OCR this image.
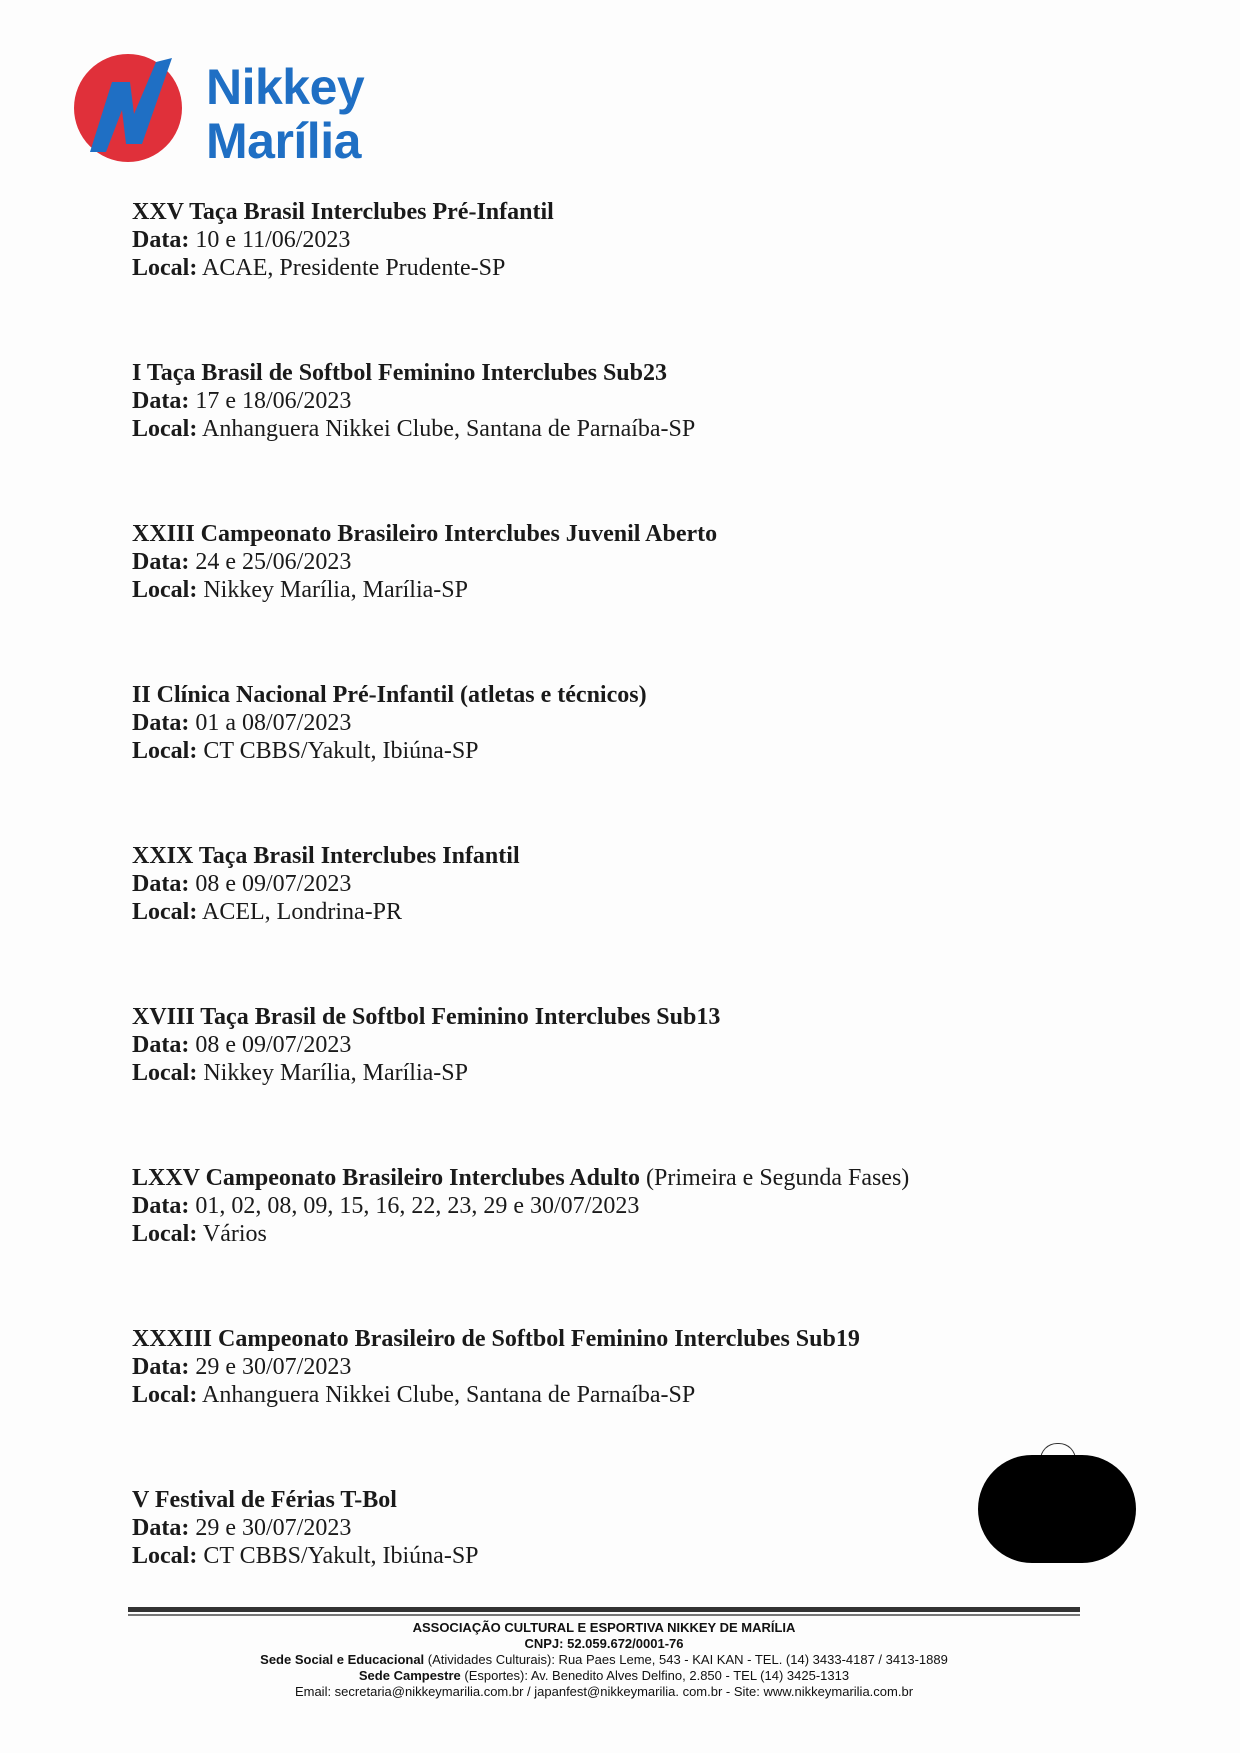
Nikkey
Marília

XXV Taça Brasil Interclubes Pré-Infantil

Data: 10 e 11/06/2023

Local: ACAE, Presidente Prudente-SP

I Taça Brasil de Softbol Feminino Interclubes Sub23

Data: 17 e 18/06/2023

Local: Anhanguera Nikkei Clube, Santana de Parnaíba-SP

XXIII Campeonato Brasileiro Interclubes Juvenil Aberto

Data: 24 e 25/06/2023

Local: Nikkey Marília, Marília-SP

II Clínica Nacional Pré-Infantil (atletas e técnicos)

Data: 01 a 08/07/2023

Local: CT CBBS/Yakult, Ibiúna-SP

XXIX Taça Brasil Interclubes Infantil

Data: 08 e 09/07/2023

Local: ACEL, Londrina-PR

XVIII Taça Brasil de Softbol Feminino Interclubes Sub13

Data: 08 e 09/07/2023

Local: Nikkey Marília, Marília-SP

LXXV Campeonato Brasileiro Interclubes Adulto (Primeira e Segunda Fases)

Data: 01, 02, 08, 09, 15, 16, 22, 23, 29 e 30/07/2023

Local: Vários

XXXIII Campeonato Brasileiro de Softbol Feminino Interclubes Sub19

Data: 29 e 30/07/2023

Local: Anhanguera Nikkei Clube, Santana de Parnaíba-SP

V Festival de Férias T-Bol

Data: 29 e 30/07/2023

Local: CT CBBS/Yakult, Ibiúna-SP

ASSOCIAÇÃO CULTURAL E ESPORTIVA NIKKEY DE MARÍLIA

CNPJ: 52.059.672/0001-76

Sede Social e Educacional (Atividades Culturais): Rua Paes Leme, 543 - KAI KAN - TEL. (14) 3433-4187 / 3413-1889

Sede Campestre (Esportes): Av. Benedito Alves Delfino, 2.850 - TEL (14) 3425-1313

Email: secretaria@nikkeymarilia.com.br / japanfest@nikkeymarilia. com.br - Site: www.nikkeymarilia.com.br
